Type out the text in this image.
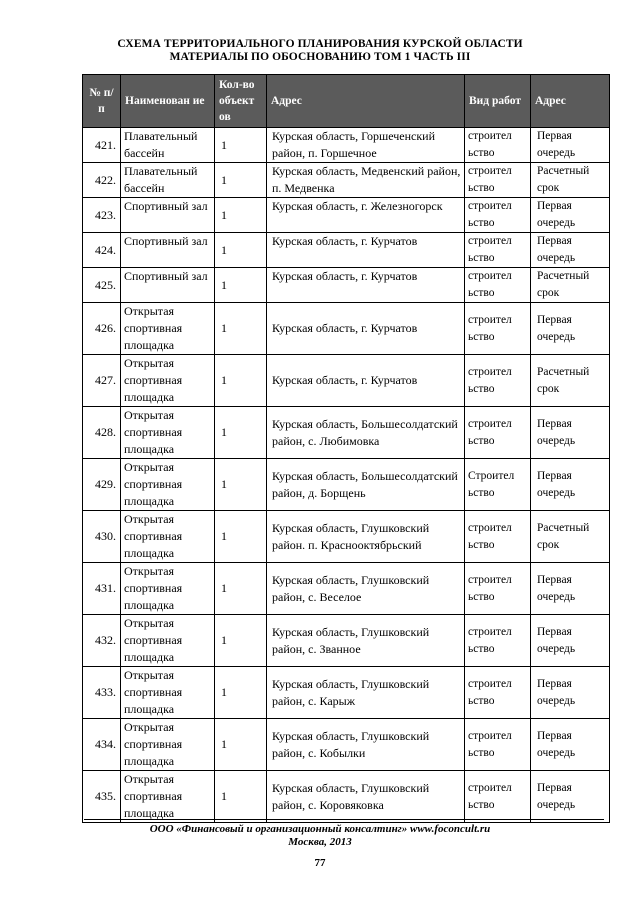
СХЕМА ТЕРРИТОРИАЛЬНОГО ПЛАНИРОВАНИЯ КУРСКОЙ ОБЛАСТИ
МАТЕРИАЛЫ ПО ОБОСНОВАНИЮ ТОМ 1 ЧАСТЬ III
№ п/п	Наименован ие	Кол-во объект ов	Адрес	Вид работ	Адрес
421.	Плавательный бассейн	1	Курская область, Горшеченский район, п. Горшечное	строител ьство	Первая очередь
422.	Плавательный бассейн	1	Курская область, Медвенский район, п. Медвенка	строител ьство	Расчетный срок
423.	Спортивный зал	1	Курская область, г. Железногорск	строител ьство	Первая очередь
424.	Спортивный зал	1	Курская область, г. Курчатов	строител ьство	Первая очередь
425.	Спортивный зал	1	Курская область, г. Курчатов	строител ьство	Расчетный срок
426.	Открытая спортивная площадка	1	Курская область, г. Курчатов	строител ьство	Первая очередь
427.	Открытая спортивная площадка	1	Курская область, г. Курчатов	строител ьство	Расчетный срок
428.	Открытая спортивная площадка	1	Курская область, Большесолдатский район, с. Любимовка	строител ьство	Первая очередь
429.	Открытая спортивная площадка	1	Курская область, Большесолдатский район, д. Борщень	Строител ьство	Первая очередь
430.	Открытая спортивная площадка	1	Курская область, Глушковский район. п. Краснооктябрьский	строител ьство	Расчетный срок
431.	Открытая спортивная площадка	1	Курская область, Глушковский район, с. Веселое	строител ьство	Первая очередь
432.	Открытая спортивная площадка	1	Курская область, Глушковский район, с. Званное	строител ьство	Первая очередь
433.	Открытая спортивная площадка	1	Курская область, Глушковский район, с. Карыж	строител ьство	Первая очередь
434.	Открытая спортивная площадка	1	Курская область, Глушковский район, с. Кобылки	строител ьство	Первая очередь
435.	Открытая спортивная площадка	1	Курская область, Глушковский район, с. Коровяковка	строител ьство	Первая очередь
ООО «Финансовый и организационный консалтинг» www.foconcult.ru
Москва, 2013
77
